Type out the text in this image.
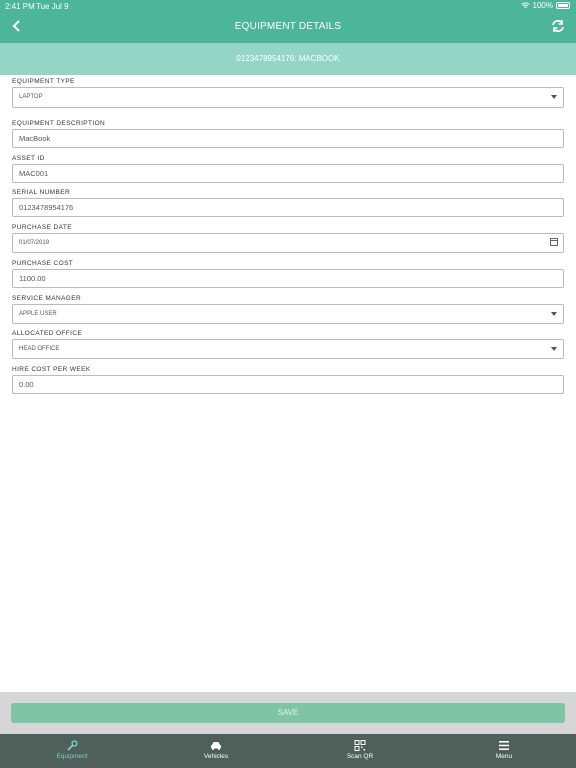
2:41 PM Tue Jul 9	100%
EQUIPMENT DETAILS
0123478954176: MACBOOK
EQUIPMENT TYPE
LAPTOP
EQUIPMENT DESCRIPTION
MacBook
ASSET ID
MAC001
SERIAL NUMBER
0123478954176
PURCHASE DATE
01/07/2019
PURCHASE COST
1100.00
SERVICE MANAGER
APPLE USER
ALLOCATED OFFICE
HEAD OFFICE
HIRE COST PER WEEK
0.00
SAVE
Equipment	Vehicles	Scan QR	Menu
